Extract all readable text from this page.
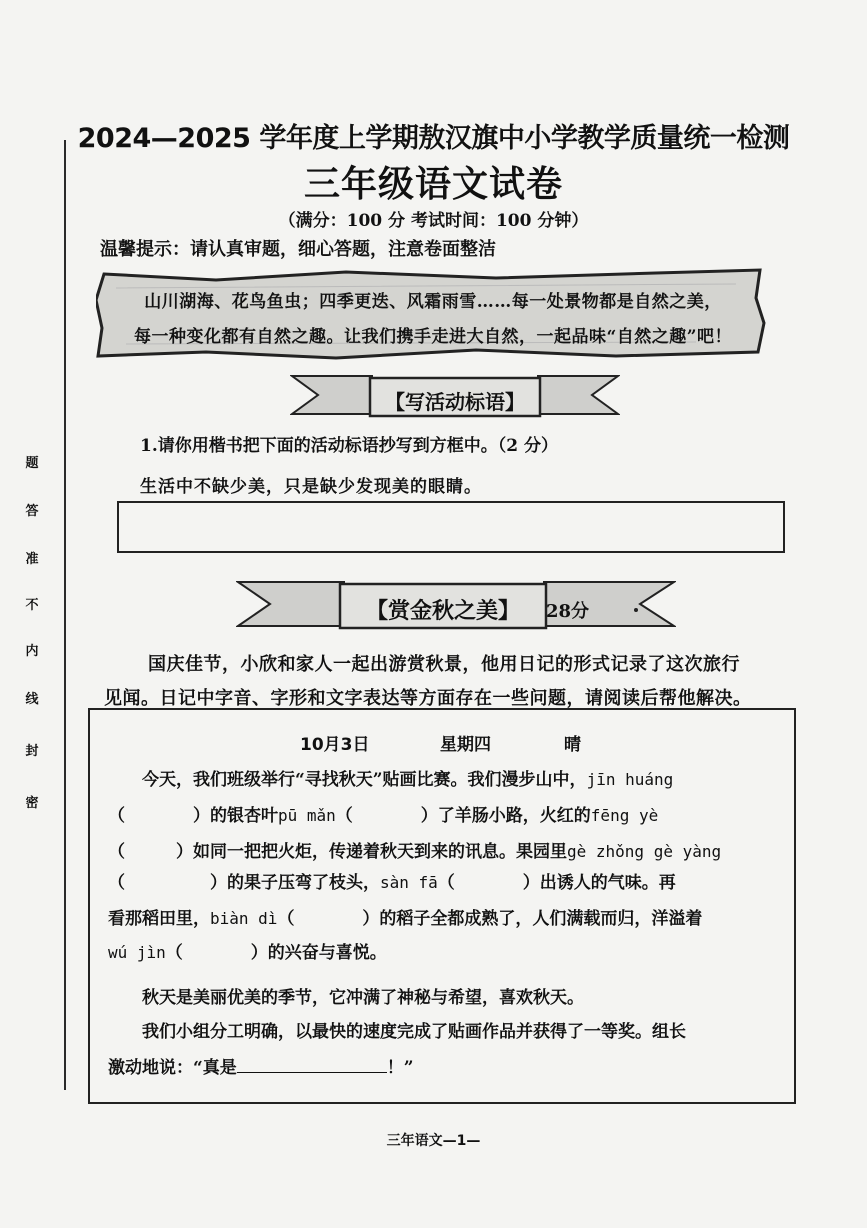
2024—2025 学年度上学期敖汉旗中小学教学质量统一检测
三年级语文试卷
（满分：100 分 考试时间：100 分钟）
温馨提示：请认真审题，细心答题，注意卷面整洁
题
答
准
不
内
线
封
密
山川湖海、花鸟鱼虫；四季更迭、风霜雨雪……每一处景物都是自然之美，
每一种变化都有自然之趣。让我们携手走进大自然，一起品味“自然之趣”吧！
【写活动标语】
1.请你用楷书把下面的活动标语抄写到方框中。（2 分）
生活中不缺少美，只是缺少发现美的眼睛。
【赏金秋之美】	28分
国庆佳节，小欣和家人一起出游赏秋景，他用日记的形式记录了这次旅行
见闻。日记中字音、字形和文字表达等方面存在一些问题，请阅读后帮他解决。
10月3日	星期四	晴
今天，我们班级举行“寻找秋天”贴画比赛。我们漫步山中，jīn huáng
（　　　　）的银杏叶pū mǎn（　　　　）了羊肠小路，火红的fēng yè
（　　　）如同一把把火炬，传递着秋天到来的讯息。果园里gè zhǒng gè yàng
（　　　　　）的果子压弯了枝头，sàn fā（　　　　）出诱人的气味。再
看那稻田里，biàn dì（　　　　）的稻子全都成熟了，人们满载而归，洋溢着
wú jìn（　　　　）的兴奋与喜悦。
秋天是美丽优美的季节，它冲满了神秘与希望，喜欢秋天。
我们小组分工明确，以最快的速度完成了贴画作品并获得了一等奖。组长
激动地说：“真是	！”
三年语文—1—
